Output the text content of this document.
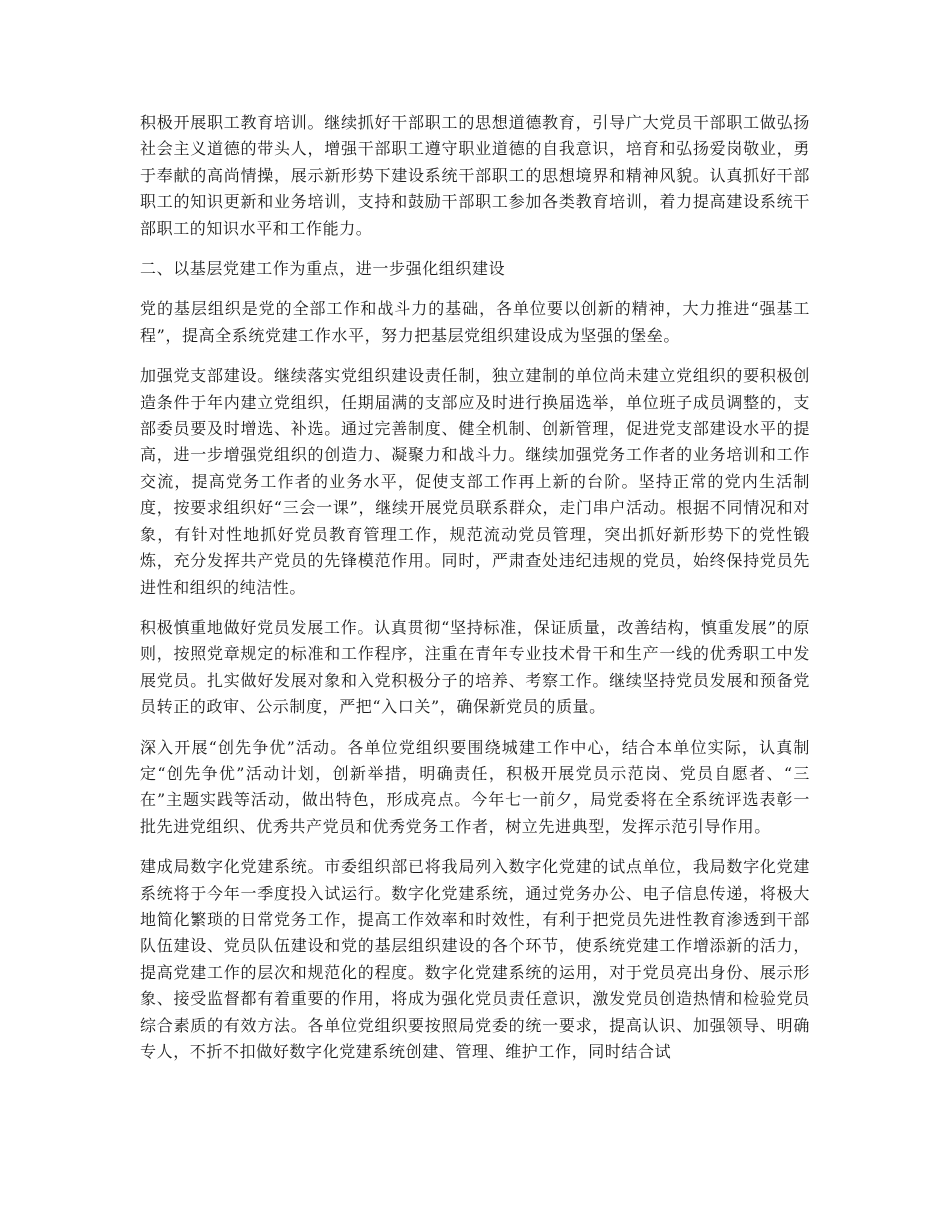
积极开展职工教育培训。继续抓好干部职工的思想道德教育，引导广大党员干部职工做弘扬社会主义道德的带头人，增强干部职工遵守职业道德的自我意识，培育和弘扬爱岗敬业，勇于奉献的高尚情操，展示新形势下建设系统干部职工的思想境界和精神风貌。认真抓好干部职工的知识更新和业务培训，支持和鼓励干部职工参加各类教育培训，着力提高建设系统干部职工的知识水平和工作能力。

二、以基层党建工作为重点，进一步强化组织建设

党的基层组织是党的全部工作和战斗力的基础，各单位要以创新的精神，大力推进“强基工程”，提高全系统党建工作水平，努力把基层党组织建设成为坚强的堡垒。

加强党支部建设。继续落实党组织建设责任制，独立建制的单位尚未建立党组织的要积极创造条件于年内建立党组织，任期届满的支部应及时进行换届选举，单位班子成员调整的，支部委员要及时增选、补选。通过完善制度、健全机制、创新管理，促进党支部建设水平的提高，进一步增强党组织的创造力、凝聚力和战斗力。继续加强党务工作者的业务培训和工作交流，提高党务工作者的业务水平，促使支部工作再上新的台阶。坚持正常的党内生活制度，按要求组织好“三会一课”，继续开展党员联系群众，走门串户活动。根据不同情况和对象，有针对性地抓好党员教育管理工作，规范流动党员管理，突出抓好新形势下的党性锻炼，充分发挥共产党员的先锋模范作用。同时，严肃查处违纪违规的党员，始终保持党员先进性和组织的纯洁性。

积极慎重地做好党员发展工作。认真贯彻“坚持标准，保证质量，改善结构，慎重发展”的原则，按照党章规定的标准和工作程序，注重在青年专业技术骨干和生产一线的优秀职工中发展党员。扎实做好发展对象和入党积极分子的培养、考察工作。继续坚持党员发展和预备党员转正的政审、公示制度，严把“入口关”，确保新党员的质量。

深入开展“创先争优”活动。各单位党组织要围绕城建工作中心，结合本单位实际，认真制定“创先争优”活动计划，创新举措，明确责任，积极开展党员示范岗、党员自愿者、“三在”主题实践等活动，做出特色，形成亮点。今年七一前夕，局党委将在全系统评选表彰一批先进党组织、优秀共产党员和优秀党务工作者，树立先进典型，发挥示范引导作用。

建成局数字化党建系统。市委组织部已将我局列入数字化党建的试点单位，我局数字化党建系统将于今年一季度投入试运行。数字化党建系统，通过党务办公、电子信息传递，将极大地简化繁琐的日常党务工作，提高工作效率和时效性，有利于把党员先进性教育渗透到干部队伍建设、党员队伍建设和党的基层组织建设的各个环节，使系统党建工作增添新的活力，提高党建工作的层次和规范化的程度。数字化党建系统的运用，对于党员亮出身份、展示形象、接受监督都有着重要的作用，将成为强化党员责任意识，激发党员创造热情和检验党员综合素质的有效方法。各单位党组织要按照局党委的统一要求，提高认识、加强领导、明确专人，不折不扣做好数字化党建系统创建、管理、维护工作，同时结合试
